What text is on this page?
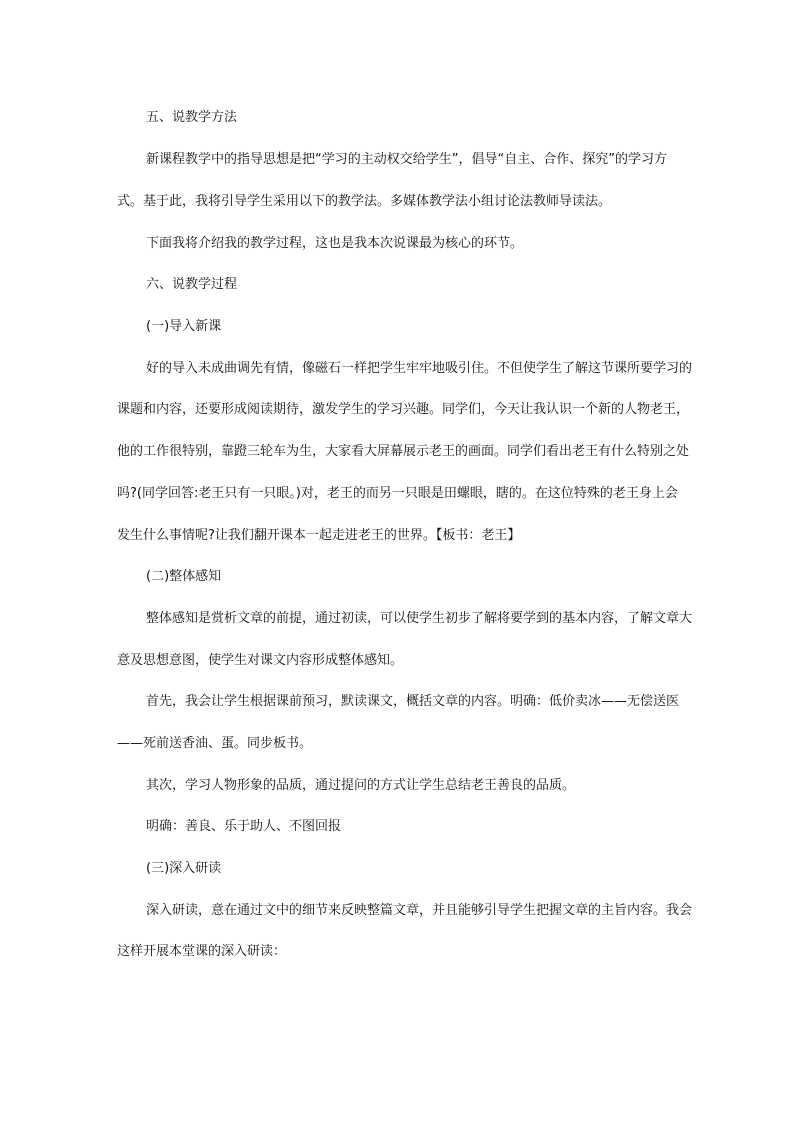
五、说教学方法
新课程教学中的指导思想是把“学习的主动权交给学生”，倡导“自主、合作、探究”的学习方
式。基于此，我将引导学生采用以下的教学法。多媒体教学法小组讨论法教师导读法。
下面我将介绍我的教学过程，这也是我本次说课最为核心的环节。
六、说教学过程
(一)导入新课
好的导入未成曲调先有情，像磁石一样把学生牢牢地吸引住。不但使学生了解这节课所要学习的
课题和内容，还要形成阅读期待，激发学生的学习兴趣。同学们，今天让我认识一个新的人物老王，
他的工作很特别，靠蹬三轮车为生，大家看大屏幕展示老王的画面。同学们看出老王有什么特别之处
吗?(同学回答:老王只有一只眼。)对，老王的而另一只眼是田螺眼，瞎的。在这位特殊的老王身上会
发生什么事情呢?让我们翻开课本一起走进老王的世界。【板书：老王】
(二)整体感知
整体感知是赏析文章的前提，通过初读，可以使学生初步了解将要学到的基本内容，了解文章大
意及思想意图，使学生对课文内容形成整体感知。
首先，我会让学生根据课前预习，默读课文，概括文章的内容。明确：低价卖冰——无偿送医
——死前送香油、蛋。同步板书。
其次，学习人物形象的品质，通过提问的方式让学生总结老王善良的品质。
明确：善良、乐于助人、不图回报
(三)深入研读
深入研读，意在通过文中的细节来反映整篇文章，并且能够引导学生把握文章的主旨内容。我会
这样开展本堂课的深入研读：
